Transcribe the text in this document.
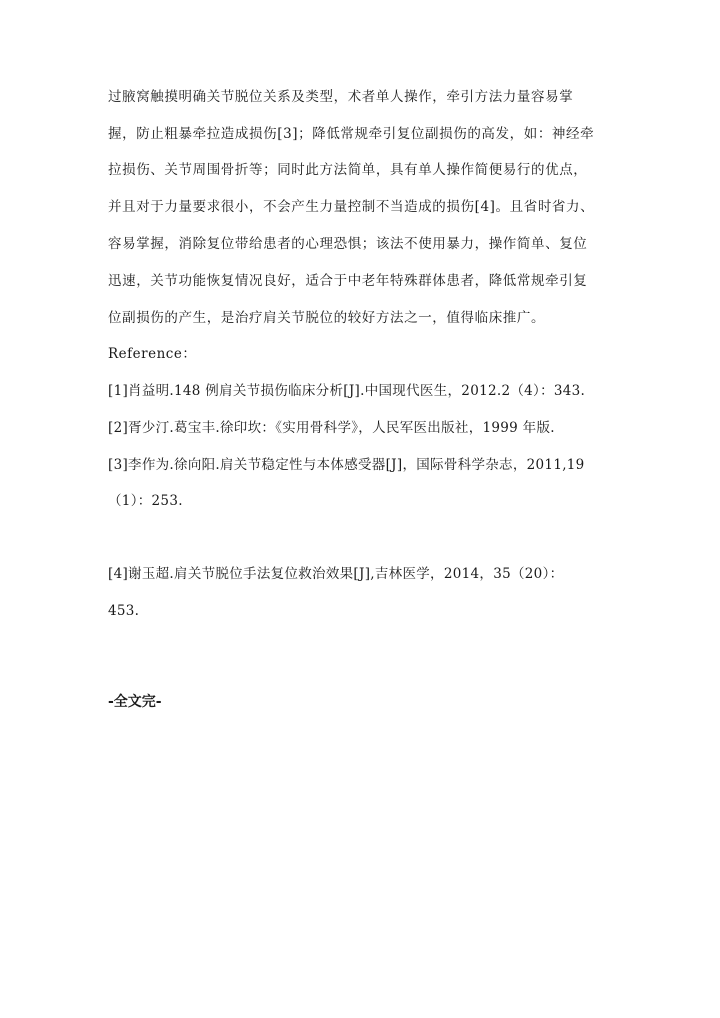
过腋窝触摸明确关节脱位关系及类型，术者单人操作，牵引方法力量容易掌
握，防止粗暴牵拉造成损伤[3]；降低常规牵引复位副损伤的高发，如：神经牵
拉损伤、关节周围骨折等；同时此方法简单，具有单人操作简便易行的优点，
并且对于力量要求很小，不会产生力量控制不当造成的损伤[4]。且省时省力、
容易掌握，消除复位带给患者的心理恐惧；该法不使用暴力，操作简单、复位
迅速，关节功能恢复情况良好，适合于中老年特殊群体患者，降低常规牵引复
位副损伤的产生，是治疗肩关节脱位的较好方法之一，值得临床推广。
Reference：
[1]肖益明.148 例肩关节损伤临床分析[J].中国现代医生，2012.2（4）：343.
[2]胥少汀.葛宝丰.徐印坎：《实用骨科学》，人民军医出版社，1999 年版.
[3]李作为.徐向阳.肩关节稳定性与本体感受器[J]，国际骨科学杂志，2011,19
（1）：253.
[4]谢玉超.肩关节脱位手法复位救治效果[J],吉林医学，2014，35（20）：
453.
-全文完-
